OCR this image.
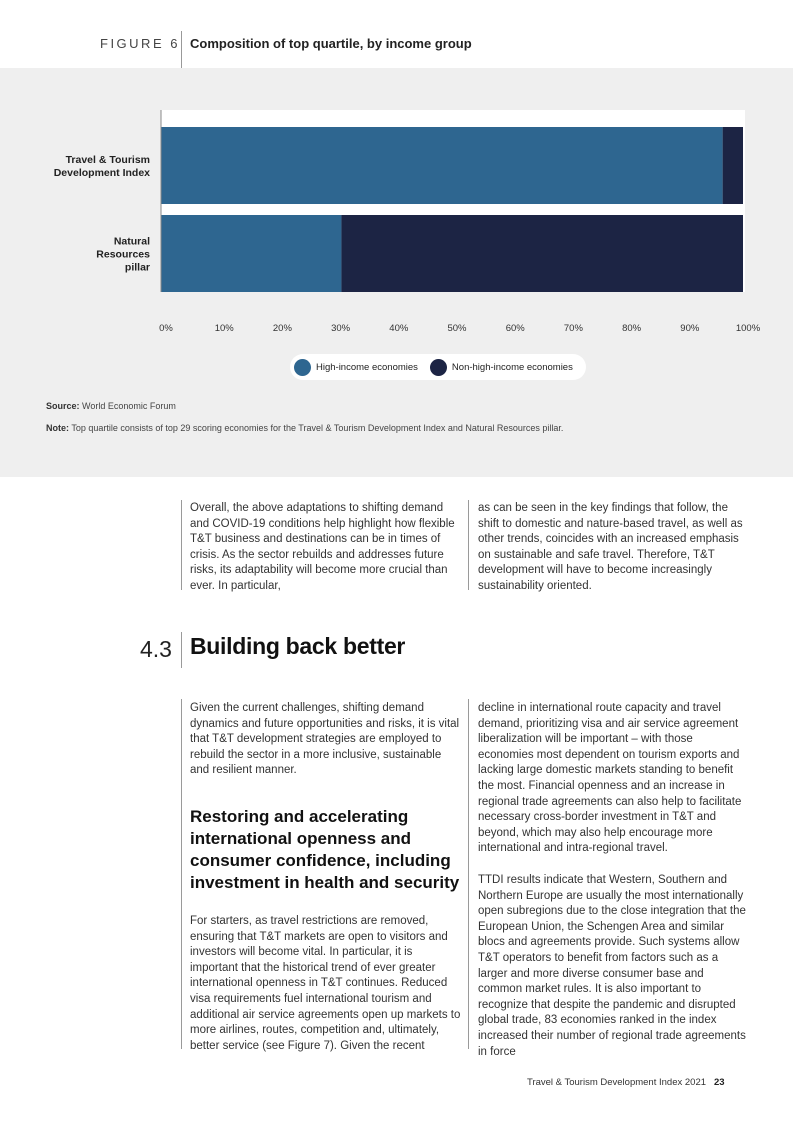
FIGURE 6 Composition of top quartile, by income group
Travel & Tourism Development Index
Natural Resources pillar
0%	10%	20%	30%	40%	50%	60%	70%	80%	90%	100%
High-income economies	Non-high-income economies
Source: World Economic Forum
Note: Top quartile consists of top 29 scoring economies for the Travel & Tourism Development Index and Natural Resources pillar.
Overall, the above adaptations to shifting demand and COVID-19 conditions help highlight how flexible T&T business and destinations can be in times of crisis. As the sector rebuilds and addresses future risks, its adaptability will become more crucial than ever. In particular,
as can be seen in the key findings that follow, the shift to domestic and nature-based travel, as well as other trends, coincides with an increased emphasis on sustainable and safe travel. Therefore, T&T development will have to become increasingly sustainability oriented.
4.3 Building back better
Given the current challenges, shifting demand dynamics and future opportunities and risks, it is vital that T&T development strategies are employed to rebuild the sector in a more inclusive, sustainable and resilient manner.
Restoring and accelerating international openness and consumer confidence, including investment in health and security
For starters, as travel restrictions are removed, ensuring that T&T markets are open to visitors and investors will become vital. In particular, it is important that the historical trend of ever greater international openness in T&T continues. Reduced visa requirements fuel international tourism and additional air service agreements open up markets to more airlines, routes, competition and, ultimately, better service (see Figure 7). Given the recent
decline in international route capacity and travel demand, prioritizing visa and air service agreement liberalization will be important – with those economies most dependent on tourism exports and lacking large domestic markets standing to benefit the most. Financial openness and an increase in regional trade agreements can also help to facilitate necessary cross-border investment in T&T and beyond, which may also help encourage more international and intra-regional travel.
TTDI results indicate that Western, Southern and Northern Europe are usually the most internationally open subregions due to the close integration that the European Union, the Schengen Area and similar blocs and agreements provide. Such systems allow T&T operators to benefit from factors such as a larger and more diverse consumer base and common market rules. It is also important to recognize that despite the pandemic and disrupted global trade, 83 economies ranked in the index increased their number of regional trade agreements in force
Travel & Tourism Development Index 2021 23
